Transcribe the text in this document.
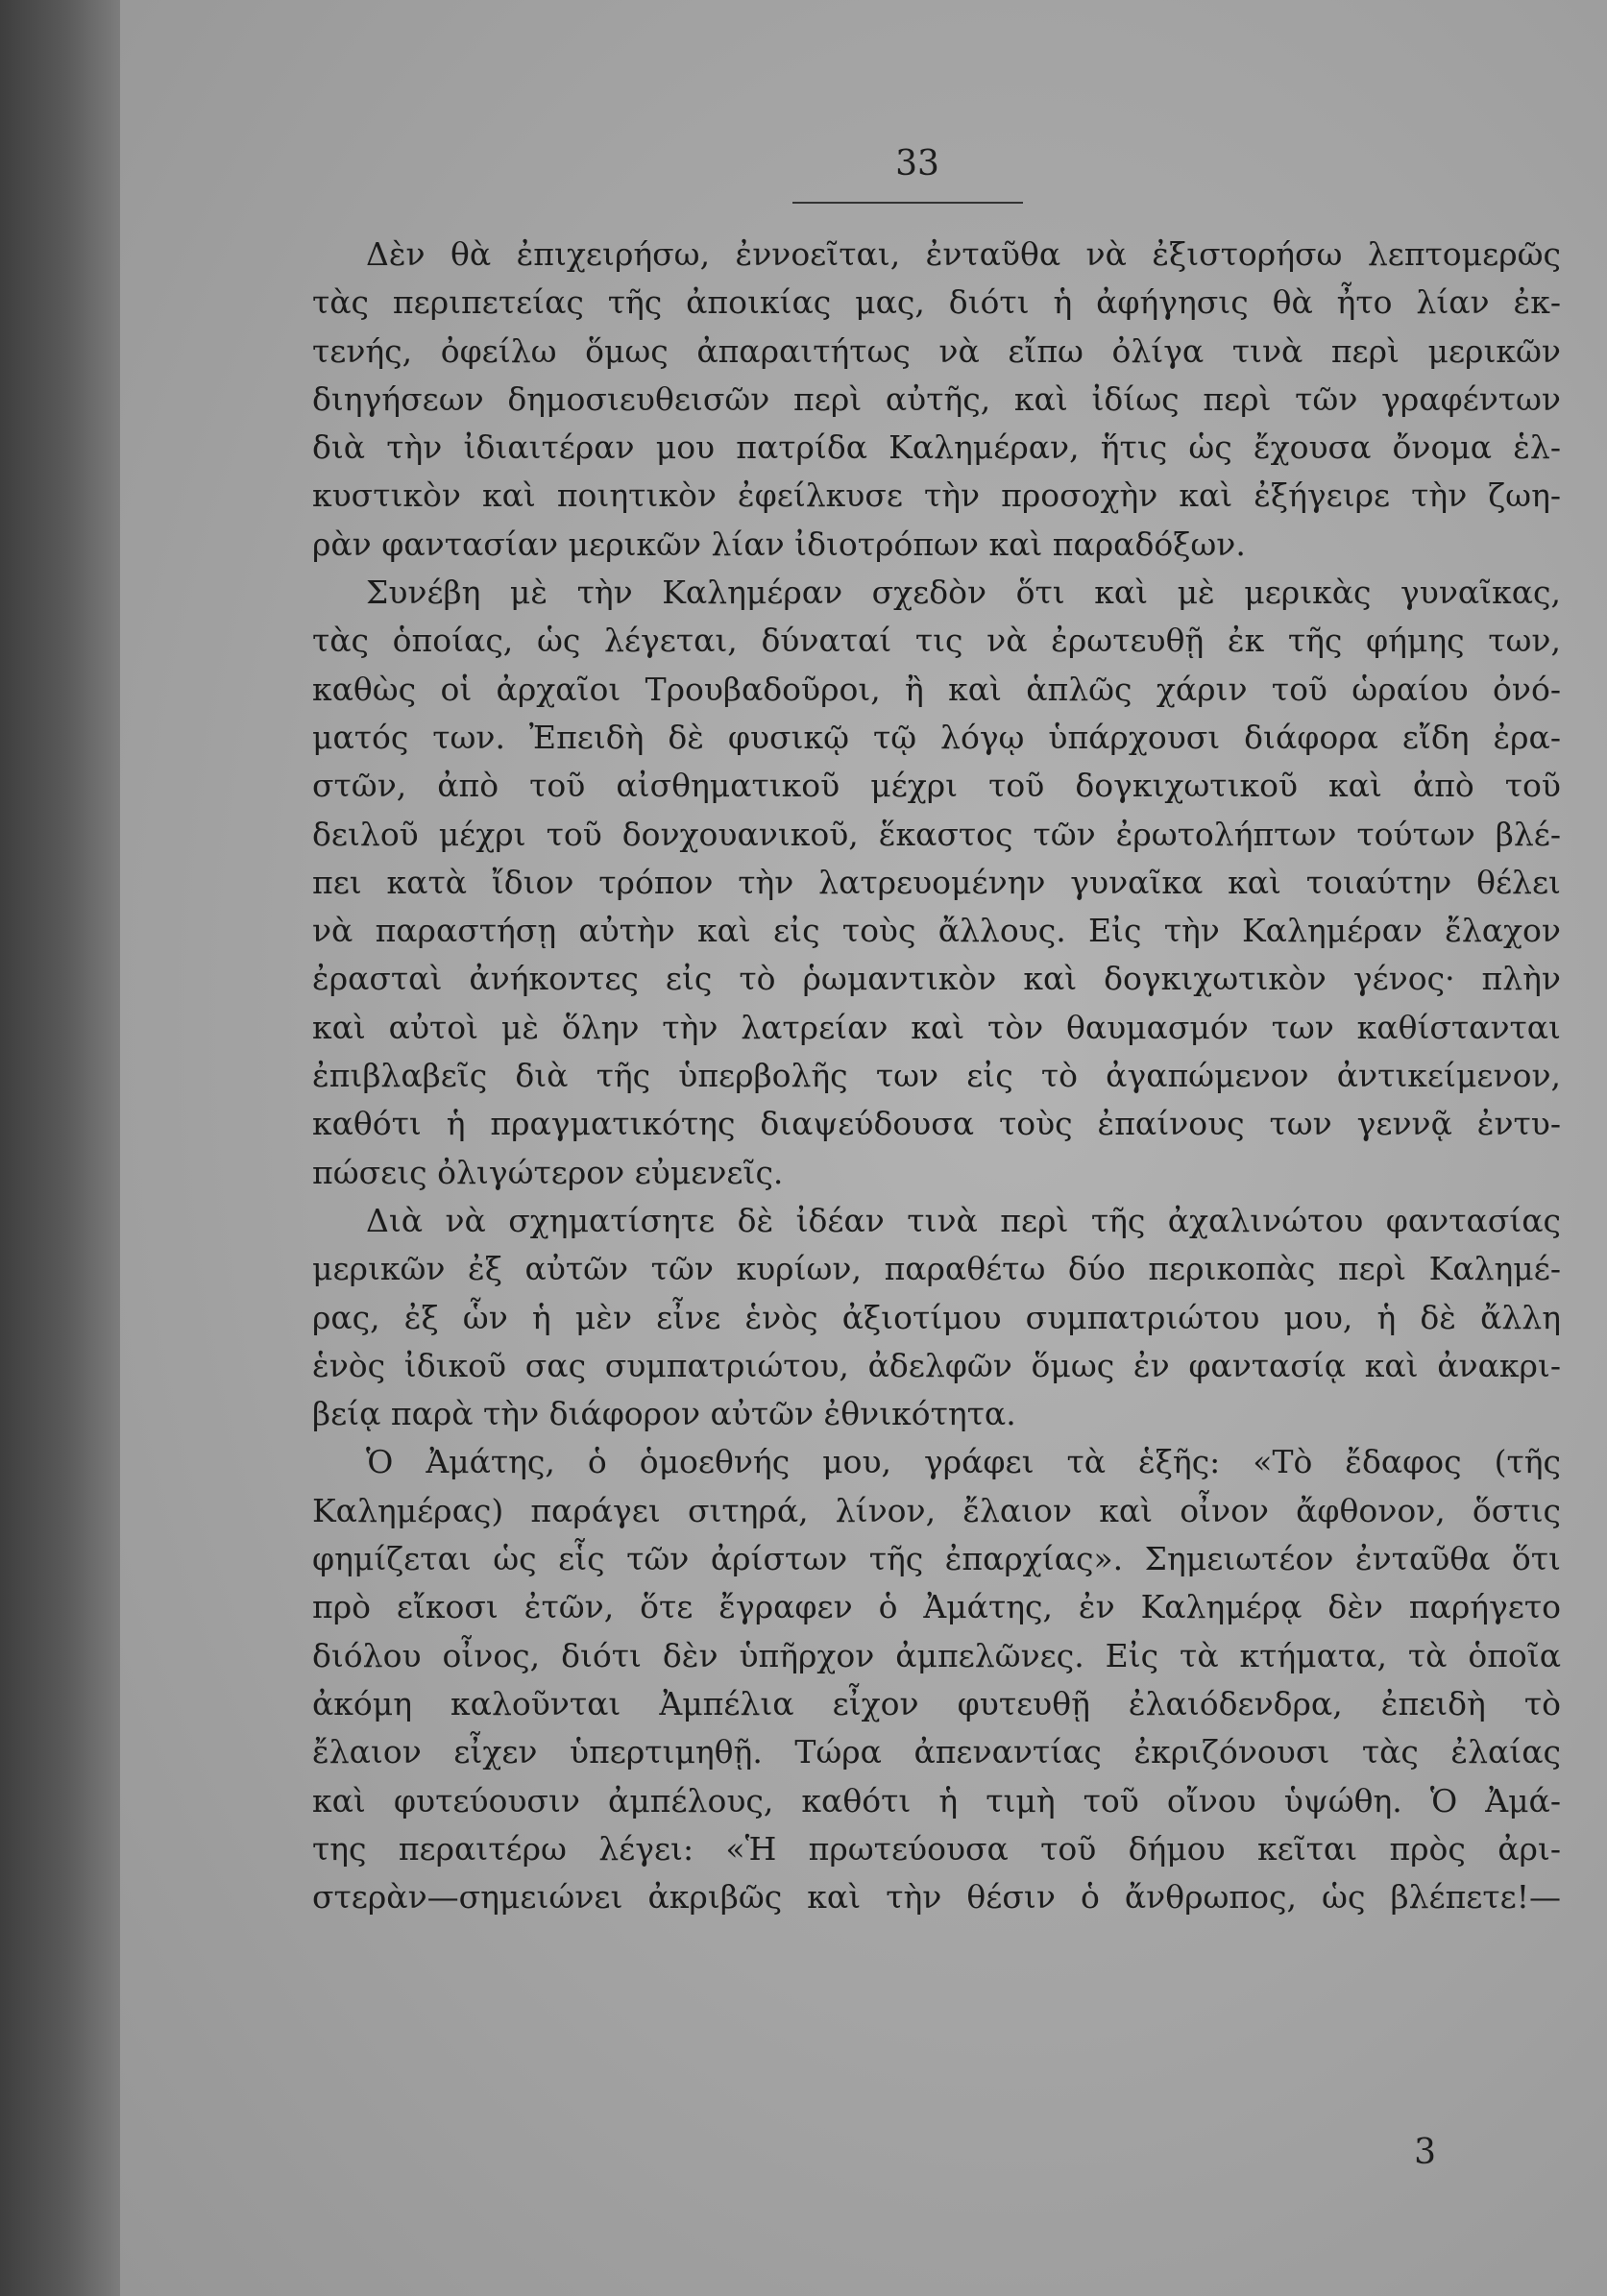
33
Δὲν θὰ ἐπιχειρήσω, ἐννοεῖται, ἐνταῦθα νὰ ἐξιστορήσω λεπτομερῶς
τὰς περιπετείας τῆς ἀποικίας μας, διότι ἡ ἀφήγησις θὰ ἦτο λίαν ἐκ-
τενής, ὀφείλω ὅμως ἀπαραιτήτως νὰ εἴπω ὀλίγα τινὰ περὶ μερικῶν
διηγήσεων δημοσιευθεισῶν περὶ αὐτῆς, καὶ ἰδίως περὶ τῶν γραφέντων
διὰ τὴν ἰδιαιτέραν μου πατρίδα Καλημέραν, ἥτις ὡς ἔχουσα ὄνομα ἑλ-
κυστικὸν καὶ ποιητικὸν ἐφείλκυσε τὴν προσοχὴν καὶ ἐξήγειρε τὴν ζωη-
ρὰν φαντασίαν μερικῶν λίαν ἰδιοτρόπων καὶ παραδόξων.
Συνέβη μὲ τὴν Καλημέραν σχεδὸν ὅτι καὶ μὲ μερικὰς γυναῖκας,
τὰς ὁποίας, ὡς λέγεται, δύναταί τις νὰ ἐρωτευθῇ ἐκ τῆς φήμης των,
καθὼς οἱ ἀρχαῖοι Τρουβαδοῦροι, ἢ καὶ ἁπλῶς χάριν τοῦ ὡραίου ὀνό-
ματός των. Ἐπειδὴ δὲ φυσικῷ τῷ λόγῳ ὑπάρχουσι διάφορα εἴδη ἐρα-
στῶν, ἀπὸ τοῦ αἰσθηματικοῦ μέχρι τοῦ δογκιχωτικοῦ καὶ ἀπὸ τοῦ
δειλοῦ μέχρι τοῦ δονχουανικοῦ, ἕκαστος τῶν ἐρωτολήπτων τούτων βλέ-
πει κατὰ ἴδιον τρόπον τὴν λατρευομένην γυναῖκα καὶ τοιαύτην θέλει
νὰ παραστήσῃ αὐτὴν καὶ εἰς τοὺς ἄλλους. Εἰς τὴν Καλημέραν ἔλαχον
ἐρασταὶ ἀνήκοντες εἰς τὸ ῥωμαντικὸν καὶ δογκιχωτικὸν γένος· πλὴν
καὶ αὐτοὶ μὲ ὅλην τὴν λατρείαν καὶ τὸν θαυμασμόν των καθίστανται
ἐπιβλαβεῖς διὰ τῆς ὑπερβολῆς των εἰς τὸ ἀγαπώμενον ἀντικείμενον,
καθότι ἡ πραγματικότης διαψεύδουσα τοὺς ἐπαίνους των γεννᾷ ἐντυ-
πώσεις ὀλιγώτερον εὐμενεῖς.
Διὰ νὰ σχηματίσητε δὲ ἰδέαν τινὰ περὶ τῆς ἀχαλινώτου φαντασίας
μερικῶν ἐξ αὐτῶν τῶν κυρίων, παραθέτω δύο περικοπὰς περὶ Καλημέ-
ρας, ἐξ ὧν ἡ μὲν εἶνε ἑνὸς ἀξιοτίμου συμπατριώτου μου, ἡ δὲ ἄλλη
ἑνὸς ἰδικοῦ σας συμπατριώτου, ἀδελφῶν ὅμως ἐν φαντασίᾳ καὶ ἀνακρι-
βείᾳ παρὰ τὴν διάφορον αὐτῶν ἐθνικότητα.
Ὁ Ἀμάτης, ὁ ὁμοεθνής μου, γράφει τὰ ἑξῆς: «Τὸ ἔδαφος (τῆς
Καλημέρας) παράγει σιτηρά, λίνον, ἔλαιον καὶ οἶνον ἄφθονον, ὅστις
φημίζεται ὡς εἷς τῶν ἀρίστων τῆς ἐπαρχίας». Σημειωτέον ἐνταῦθα ὅτι
πρὸ εἴκοσι ἐτῶν, ὅτε ἔγραφεν ὁ Ἀμάτης, ἐν Καλημέρᾳ δὲν παρήγετο
διόλου οἶνος, διότι δὲν ὑπῆρχον ἀμπελῶνες. Εἰς τὰ κτήματα, τὰ ὁποῖα
ἀκόμη καλοῦνται Ἀμπέλια εἶχον φυτευθῇ ἐλαιόδενδρα, ἐπειδὴ τὸ
ἔλαιον εἶχεν ὑπερτιμηθῇ. Τώρα ἀπεναντίας ἐκριζόνουσι τὰς ἐλαίας
καὶ φυτεύουσιν ἀμπέλους, καθότι ἡ τιμὴ τοῦ οἴνου ὑψώθη. Ὁ Ἀμά-
της περαιτέρω λέγει: «Ἡ πρωτεύουσα τοῦ δήμου κεῖται πρὸς ἀρι-
στερὰν—σημειώνει ἀκριβῶς καὶ τὴν θέσιν ὁ ἄνθρωπος, ὡς βλέπετε!—
3
